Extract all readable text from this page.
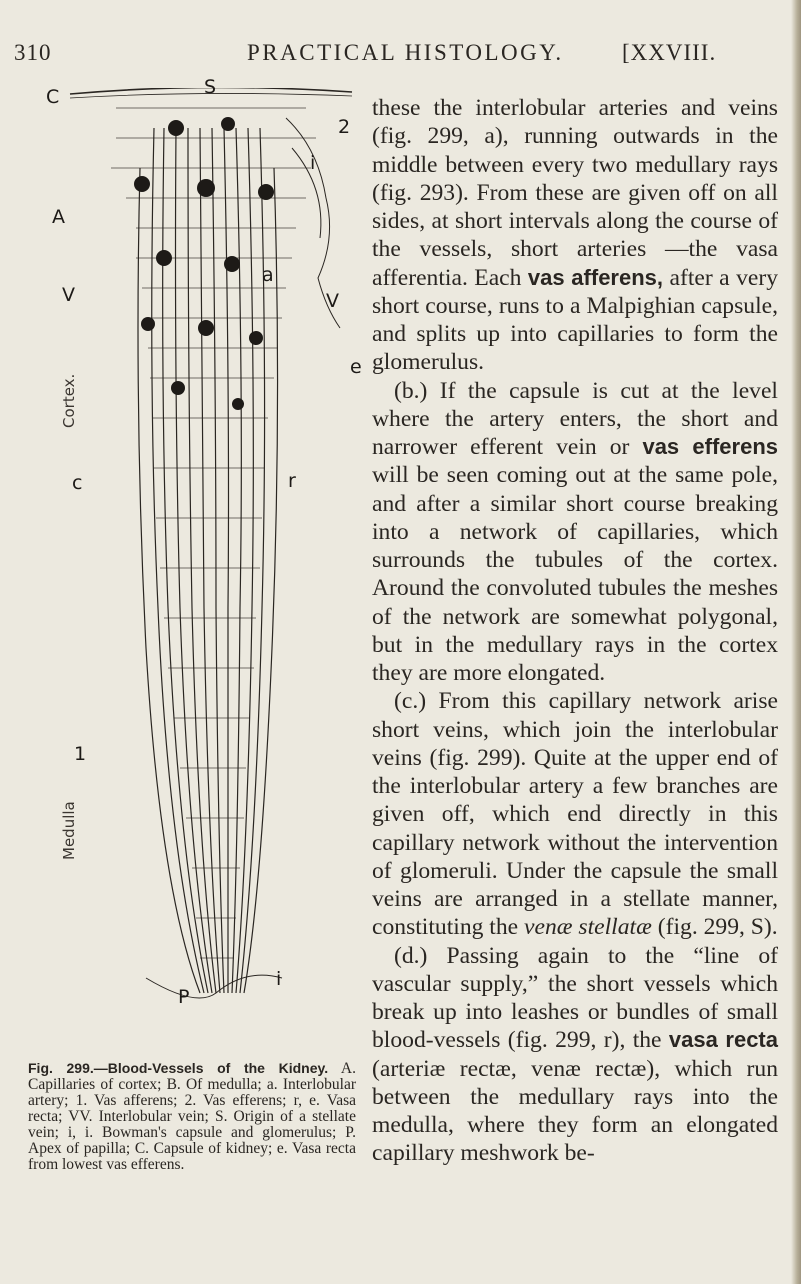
310	PRACTICAL HISTOLOGY.	[XXVIII.
Cortex.
Medulla
C	S
2
i
A
a
V	V
e
c	r
1
i
P
Fig. 299.—Blood-Vessels of the Kidney. A. Capillaries of cortex; B. Of medulla; a. Interlobular artery; 1. Vas afferens; 2. Vas efferens; r, e. Vasa recta; VV. Interlobular vein; S. Origin of a stellate vein; i, i. Bowman's capsule and glomerulus; P. Apex of papilla; C. Capsule of kidney; e. Vasa recta from lowest vas efferens.

these the interlobular arteries and veins (fig. 299, a), running outwards in the middle between every two medullary rays (fig. 293). From these are given off on all sides, at short intervals along the course of the vessels, short arteries —the vasa afferentia. Each vas afferens, after a very short course, runs to a Malpighian capsule, and splits up into capillaries to form the glomerulus.

(b.) If the capsule is cut at the level where the artery enters, the short and narrower efferent vein or vas efferens will be seen coming out at the same pole, and after a similar short course breaking into a network of capillaries, which surrounds the tubules of the cortex. Around the convoluted tubules the meshes of the network are somewhat polygonal, but in the medullary rays in the cortex they are more elongated.

(c.) From this capillary network arise short veins, which join the interlobular veins (fig. 299). Quite at the upper end of the interlobular artery a few branches are given off, which end directly in this capillary network without the intervention of glomeruli. Under the capsule the small veins are arranged in a stellate manner, constituting the venæ stellatæ (fig. 299, S).

(d.) Passing again to the “line of vascular supply,” the short vessels which break up into leashes or bundles of small blood-vessels (fig. 299, r), the vasa recta (arteriæ rectæ, venæ rectæ), which run between the medullary rays into the medulla, where they form an elongated capillary meshwork be-
